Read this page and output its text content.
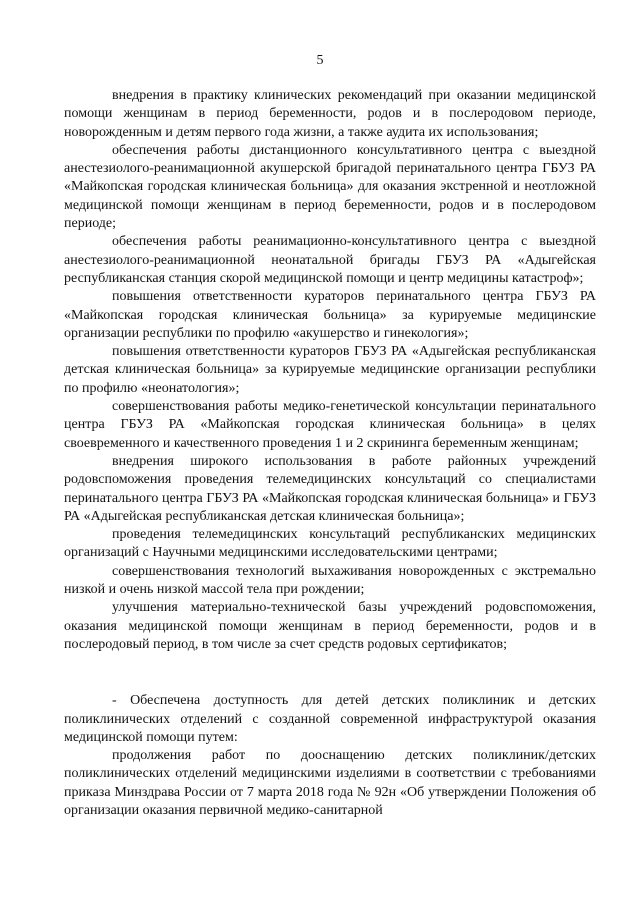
5

внедрения в практику клинических рекомендаций при оказании медицинской помощи женщинам в период беременности, родов и в послеродовом периоде, новорожденным и детям первого года жизни, а также аудита их использования;

обеспечения работы дистанционного консультативного центра с выездной анестезиолого-реанимационной акушерской бригадой перинатального центра ГБУЗ РА «Майкопская городская клиническая больница» для оказания экстренной и неотложной медицинской помощи женщинам в период беременности, родов и в послеродовом периоде;

обеспечения работы реанимационно-консультативного центра с выездной анестезиолого-реанимационной неонатальной бригады ГБУЗ РА «Адыгейская республиканская станция скорой медицинской помощи и центр медицины катастроф»;

повышения ответственности кураторов перинатального центра ГБУЗ РА «Майкопская городская клиническая больница» за курируемые медицинские организации республики по профилю «акушерство и гинекология»;

повышения ответственности кураторов ГБУЗ РА «Адыгейская республиканская детская клиническая больница» за курируемые медицинские организации республики по профилю «неонатология»;

совершенствования работы медико-генетической консультации перинатального центра ГБУЗ РА «Майкопская городская клиническая больница» в целях своевременного и качественного проведения 1 и 2 скрининга беременным женщинам;

внедрения широкого использования в работе районных учреждений родовспоможения проведения телемедицинских консультаций со специалистами перинатального центра ГБУЗ РА «Майкопская городская клиническая больница» и ГБУЗ РА «Адыгейская республиканская детская клиническая больница»;

проведения телемедицинских консультаций республиканских медицинских организаций с Научными медицинскими исследовательскими центрами;

совершенствования технологий выхаживания новорожденных с экстремально низкой и очень низкой массой тела при рождении;

улучшения материально-технической базы учреждений родовспоможения, оказания медицинской помощи женщинам в период беременности, родов и в послеродовый период, в том числе за счет средств родовых сертификатов;

- Обеспечена доступность для детей детских поликлиник и детских поликлинических отделений с созданной современной инфраструктурой оказания медицинской помощи путем:

продолжения работ по дооснащению детских поликлиник/детских поликлинических отделений медицинскими изделиями в соответствии с требованиями приказа Минздрава России от 7 марта 2018 года № 92н «Об утверждении Положения об организации оказания первичной медико-санитарной
